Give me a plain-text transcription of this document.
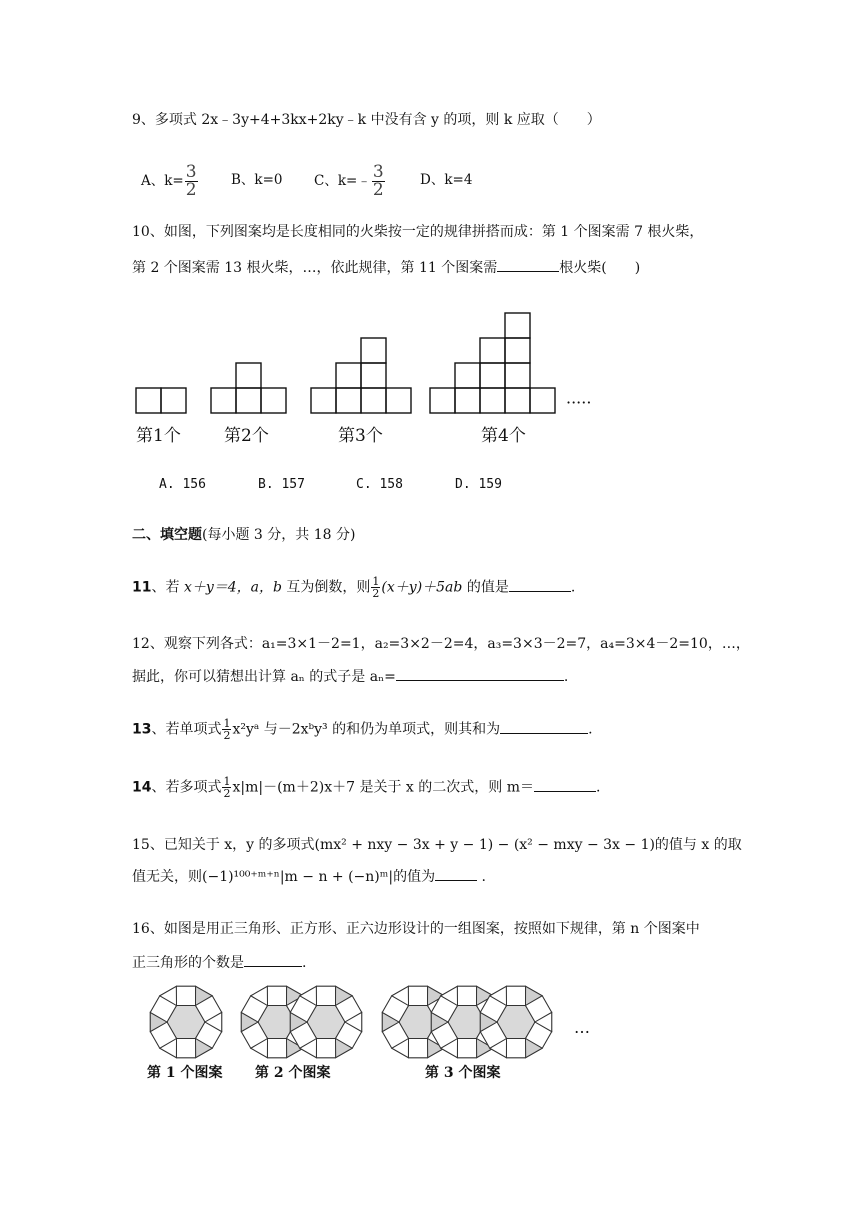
9、多项式 2x﹣3y+4+3kx+2ky﹣k 中没有含 y 的项，则 k 应取（　　）
A、$k= \frac{3}{2}$ B、k=0 C、k=﹣ $\frac{3}{2}$	D、k=4
10、如图，下列图案均是长度相同的火柴按一定的规律拼搭而成：第 1 个图案需 7 根火柴，
第 2 个图案需 13 根火柴，…，依此规律，第 11 个图案需	根火柴(　　)
·····
第1个	第2个	第3个	第4个
A. 156	B. 157	C. 158	D. 159
二、填空题(每小题 3 分，共 18 分)
11、若 x＋y＝4，a，b 互为倒数，则 $\frac{1}{2} (x+y)+5ab$ 的值是	.
12、观察下列各式：a₁=3×1－2=1，a₂=3×2－2=4，a₃=3×3－2=7，a₄=3×4－2=10，…，
据此，你可以猜想出计算 aₙ 的式子是 aₙ=	.
13、若单项式 $\frac{1}{2}$ x²yᵃ 与－2xᵇy³ 的和仍为单项式，则其和为	.
14、若多项式 $\frac{1}{2} x|m|-(m+2)x+7$ 是关于 x 的二次式，则 m＝	.
15、已知关于 x，y 的多项式(mx² + nxy − 3x + y − 1) − (x² − mxy − 3x − 1)的值与 x 的取
值无关，则(−1)¹⁰⁰⁺ᵐ⁺ⁿ|m − n + (−n)ᵐ|的值为	.
16、如图是用正三角形、正方形、正六边形设计的一组图案，按照如下规律，第 n 个图案中
正三角形的个数是	.
…
第 1 个图案 第 2 个图案	第 3 个图案
